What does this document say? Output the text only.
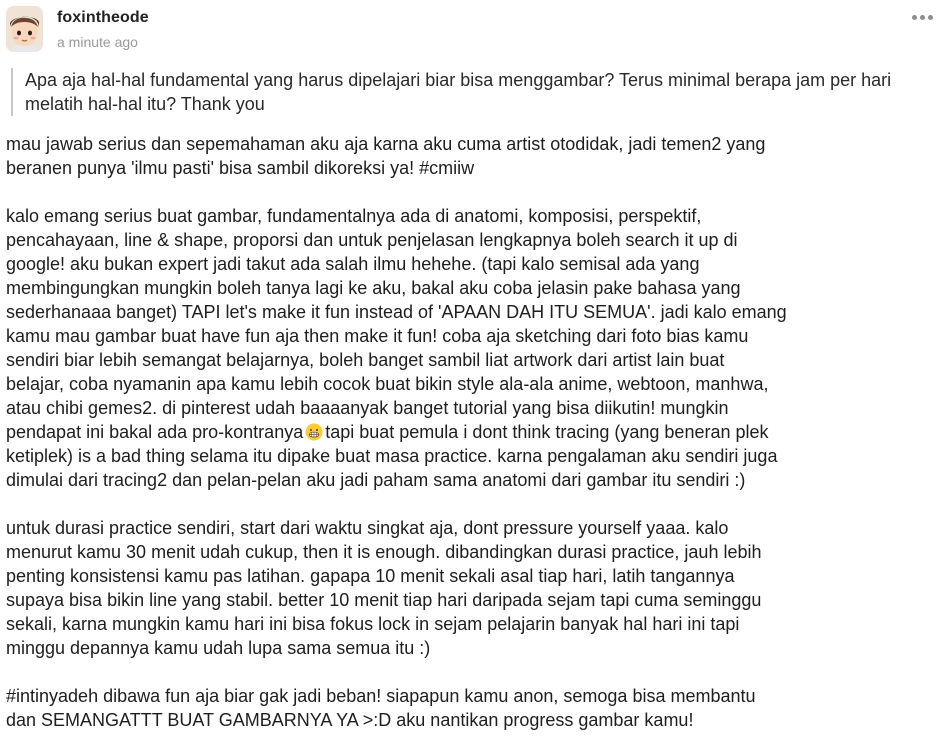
foxintheode
a minute ago
Apa aja hal-hal fundamental yang harus dipelajari biar bisa menggambar? Terus minimal berapa jam per hari melatih hal-hal itu? Thank you

mau jawab serius dan sepemahaman aku aja karna aku cuma artist otodidak, jadi temen2 yang
beranen punya 'ilmu pasti' bisa sambil dikoreksi ya! #cmiiw

kalo emang serius buat gambar, fundamentalnya ada di anatomi, komposisi, perspektif,
pencahayaan, line & shape, proporsi dan untuk penjelasan lengkapnya boleh search it up di
google! aku bukan expert jadi takut ada salah ilmu hehehe. (tapi kalo semisal ada yang
membingungkan mungkin boleh tanya lagi ke aku, bakal aku coba jelasin pake bahasa yang
sederhanaaa banget) TAPI let's make it fun instead of 'APAAN DAH ITU SEMUA'. jadi kalo emang
kamu mau gambar buat have fun aja then make it fun! coba aja sketching dari foto bias kamu
sendiri biar lebih semangat belajarnya, boleh banget sambil liat artwork dari artist lain buat
belajar, coba nyamanin apa kamu lebih cocok buat bikin style ala-ala anime, webtoon, manhwa,
atau chibi gemes2. di pinterest udah baaaanyak banget tutorial yang bisa diikutin! mungkin
pendapat ini bakal ada pro-kontranya tapi buat pemula i dont think tracing (yang beneran plek
ketiplek) is a bad thing selama itu dipake buat masa practice. karna pengalaman aku sendiri juga
dimulai dari tracing2 dan pelan-pelan aku jadi paham sama anatomi dari gambar itu sendiri :)

untuk durasi practice sendiri, start dari waktu singkat aja, dont pressure yourself yaaa. kalo
menurut kamu 30 menit udah cukup, then it is enough. dibandingkan durasi practice, jauh lebih
penting konsistensi kamu pas latihan. gapapa 10 menit sekali asal tiap hari, latih tangannya
supaya bisa bikin line yang stabil. better 10 menit tiap hari daripada sejam tapi cuma seminggu
sekali, karna mungkin kamu hari ini bisa fokus lock in sejam pelajarin banyak hal hari ini tapi
minggu depannya kamu udah lupa sama semua itu :)

#intinyadeh dibawa fun aja biar gak jadi beban! siapapun kamu anon, semoga bisa membantu
dan SEMANGATTT BUAT GAMBARNYA YA >:D aku nantikan progress gambar kamu!
